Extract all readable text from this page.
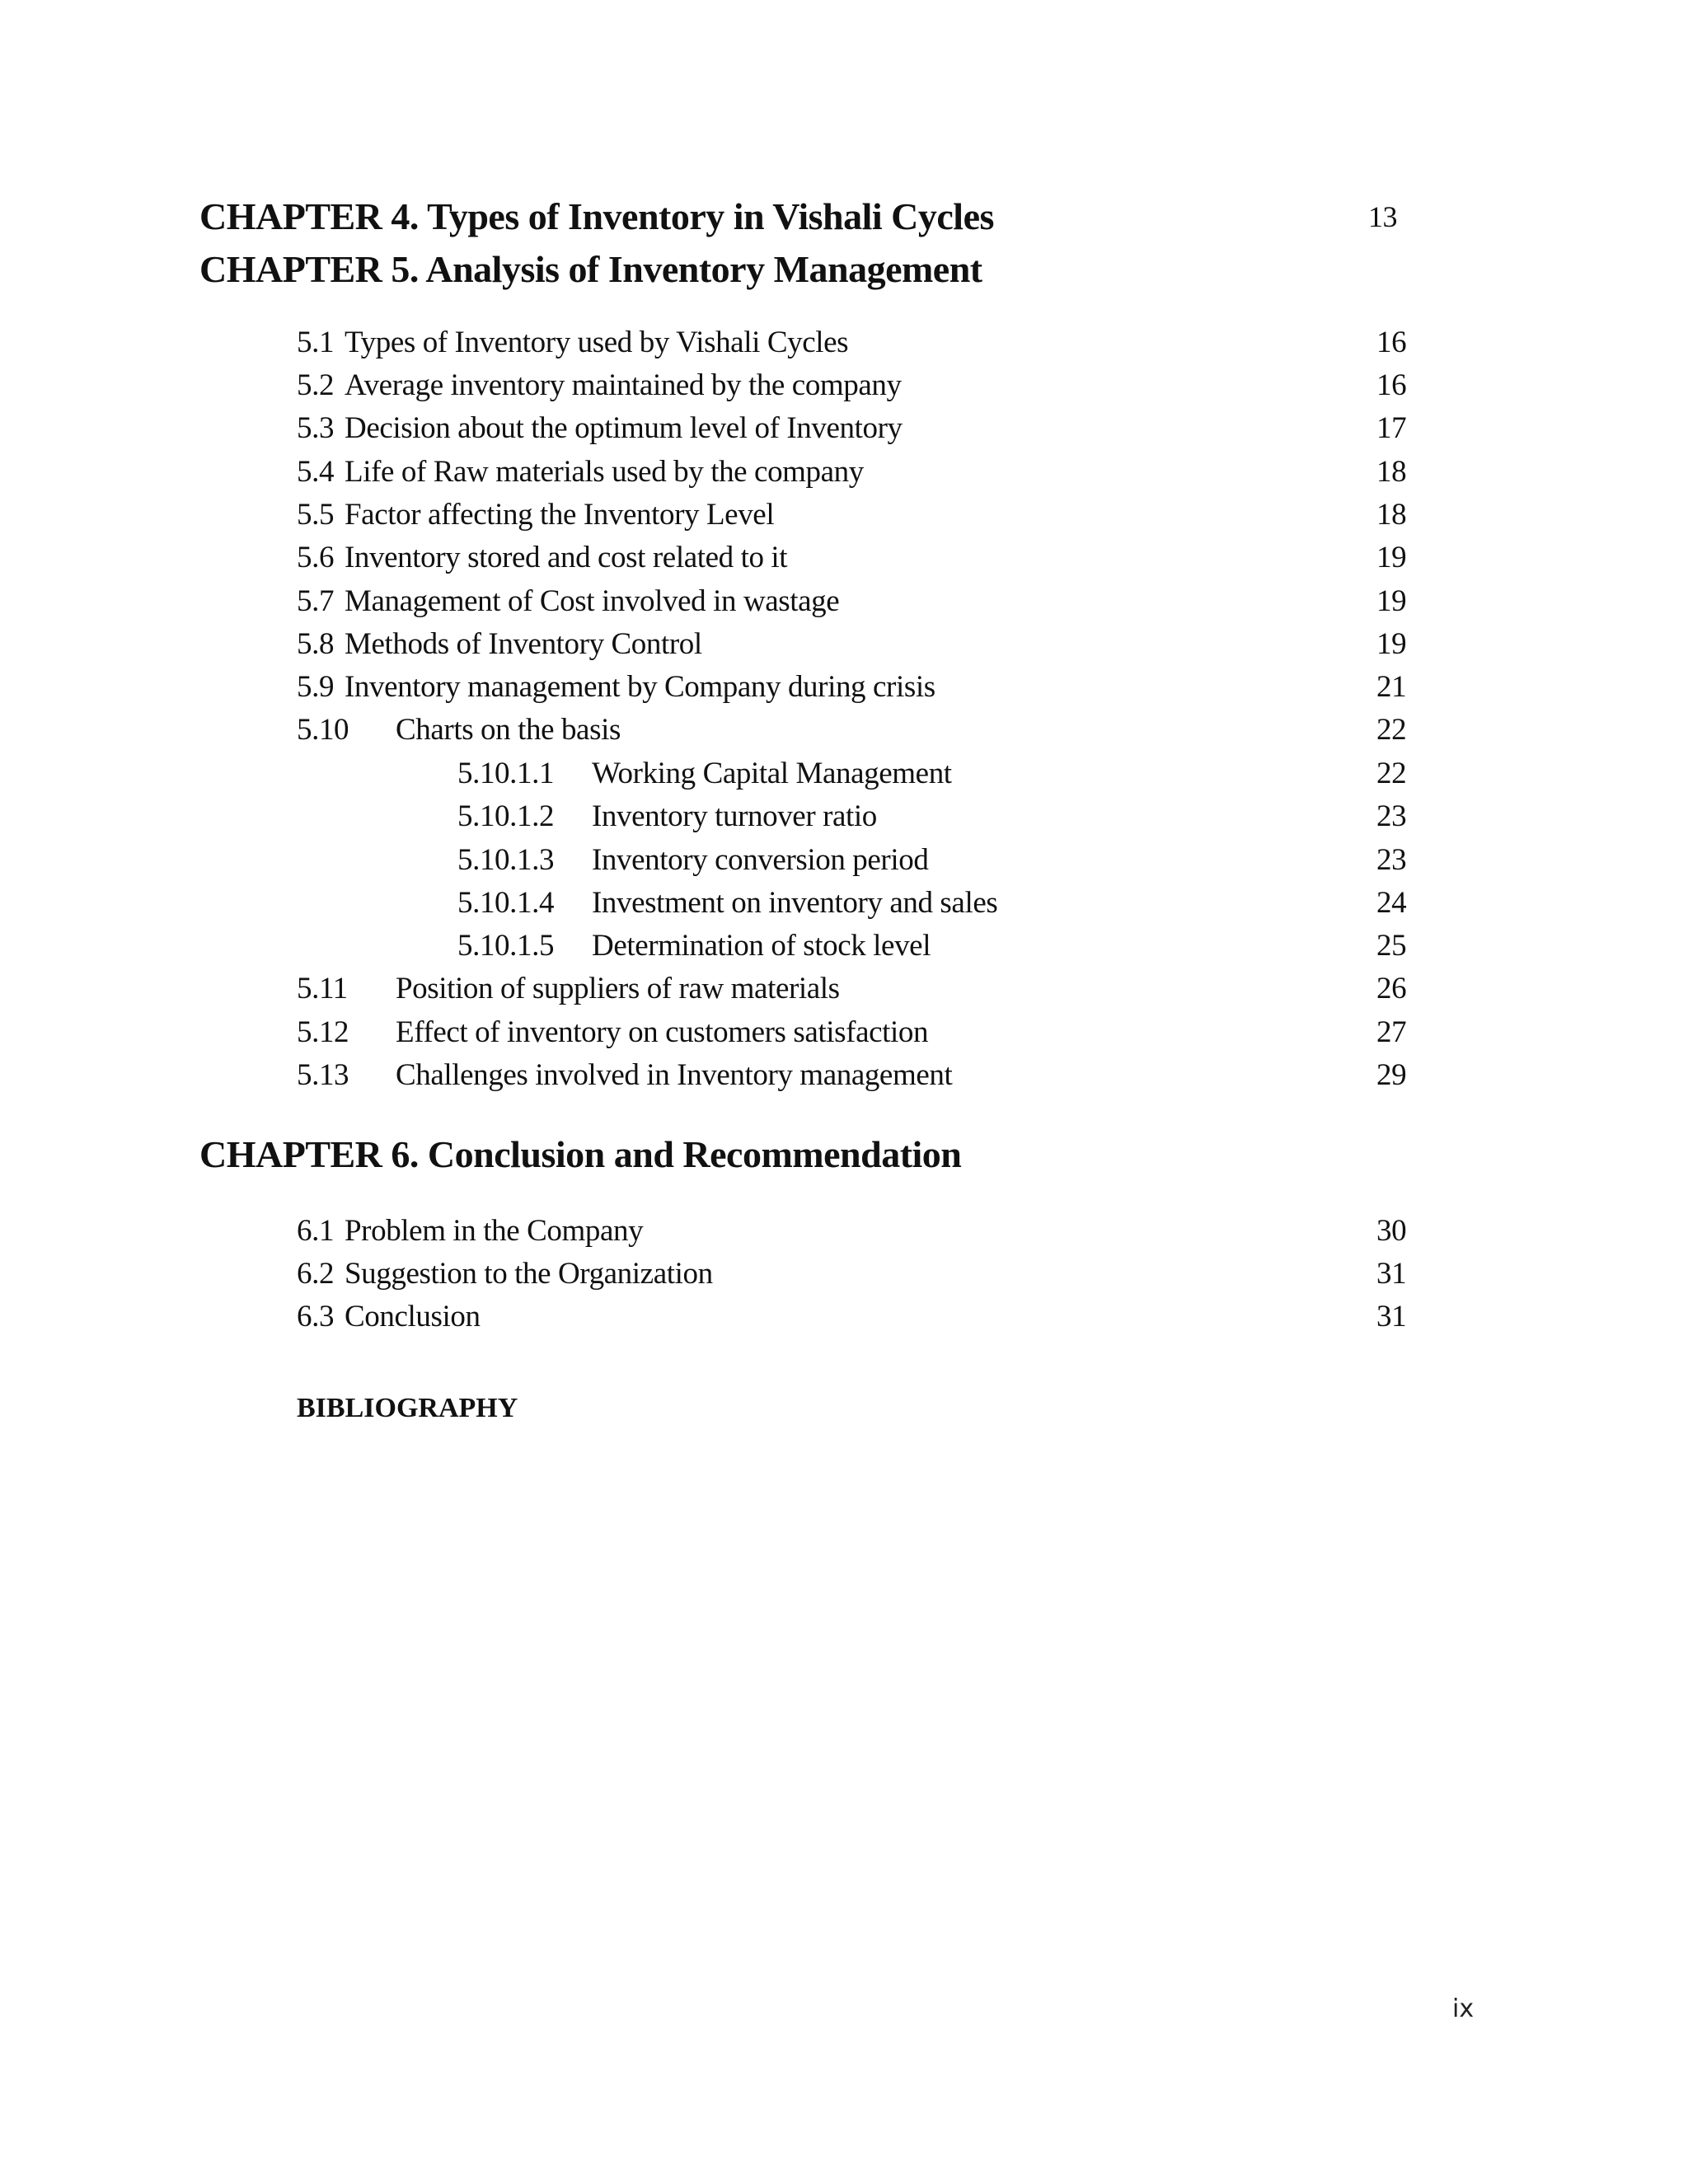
CHAPTER 4. Types of Inventory in Vishali Cycles	13
CHAPTER 5. Analysis of Inventory Management
5.1 Types of Inventory used by Vishali Cycles	16
5.2 Average inventory maintained by the company	16
5.3 Decision about the optimum level of Inventory	17
5.4 Life of Raw materials used by the company	18
5.5 Factor affecting the Inventory Level	18
5.6 Inventory stored and cost related to it	19
5.7 Management of Cost involved in wastage	19
5.8 Methods of Inventory Control	19
5.9 Inventory management by Company during crisis	21
5.10 Charts on the basis	22
5.10.1.1 Working Capital Management	22
5.10.1.2 Inventory turnover ratio	23
5.10.1.3 Inventory conversion period	23
5.10.1.4 Investment on inventory and sales	24
5.10.1.5 Determination of stock level	25
5.11 Position of suppliers of raw materials	26
5.12 Effect of inventory on customers satisfaction	27
5.13 Challenges involved in Inventory management	29
CHAPTER 6. Conclusion and Recommendation
6.1 Problem in the Company	30
6.2 Suggestion to the Organization	31
6.3 Conclusion	31
BIBLIOGRAPHY
ix
